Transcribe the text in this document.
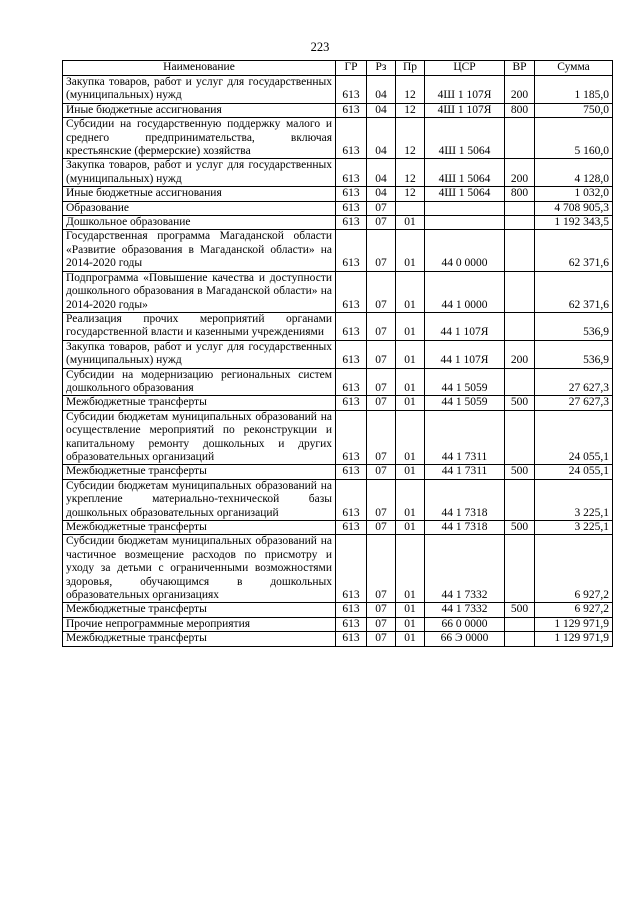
223
Наименование	ГР	Рз	Пр	ЦСР	ВР	Сумма
Закупка товаров, работ и услуг для государственных (муниципальных) нужд	613	04	12	4Ш 1 107Я	200	1 185,0
Иные бюджетные ассигнования	613	04	12	4Ш 1 107Я	800	750,0
Субсидии на государственную поддержку малого и среднего предпринимательства, включая крестьянские (фермерские) хозяйства	613	04	12	4Ш 1 5064		5 160,0
Закупка товаров, работ и услуг для государственных (муниципальных) нужд	613	04	12	4Ш 1 5064	200	4 128,0
Иные бюджетные ассигнования	613	04	12	4Ш 1 5064	800	1 032,0
Образование	613	07				4 708 905,3
Дошкольное образование	613	07	01			1 192 343,5
Государственная программа Магаданской области «Развитие образования в Магаданской области» на 2014-2020 годы	613	07	01	44 0 0000		62 371,6
Подпрограмма «Повышение качества и доступности дошкольного образования в Магаданской области» на 2014-2020 годы»	613	07	01	44 1 0000		62 371,6
Реализация прочих мероприятий органами государственной власти и казенными учреждениями	613	07	01	44 1 107Я		536,9
Закупка товаров, работ и услуг для государственных (муниципальных) нужд	613	07	01	44 1 107Я	200	536,9
Субсидии на модернизацию региональных систем дошкольного образования	613	07	01	44 1 5059		27 627,3
Межбюджетные трансферты	613	07	01	44 1 5059	500	27 627,3
Субсидии бюджетам муниципальных образований на осуществление мероприятий по реконструкции и капитальному ремонту дошкольных и других образовательных организаций	613	07	01	44 1 7311		24 055,1
Межбюджетные трансферты	613	07	01	44 1 7311	500	24 055,1
Субсидии бюджетам муниципальных образований на укрепление материально-технической базы дошкольных образовательных организаций	613	07	01	44 1 7318		3 225,1
Межбюджетные трансферты	613	07	01	44 1 7318	500	3 225,1
Субсидии бюджетам муниципальных образований на частичное возмещение расходов по присмотру и уходу за детьми с ограниченными возможностями здоровья, обучающимся в дошкольных образовательных организациях	613	07	01	44 1 7332		6 927,2
Межбюджетные трансферты	613	07	01	44 1 7332	500	6 927,2
Прочие непрограммные мероприятия	613	07	01	66 0 0000		1 129 971,9
Межбюджетные трансферты	613	07	01	66 Э 0000		1 129 971,9
